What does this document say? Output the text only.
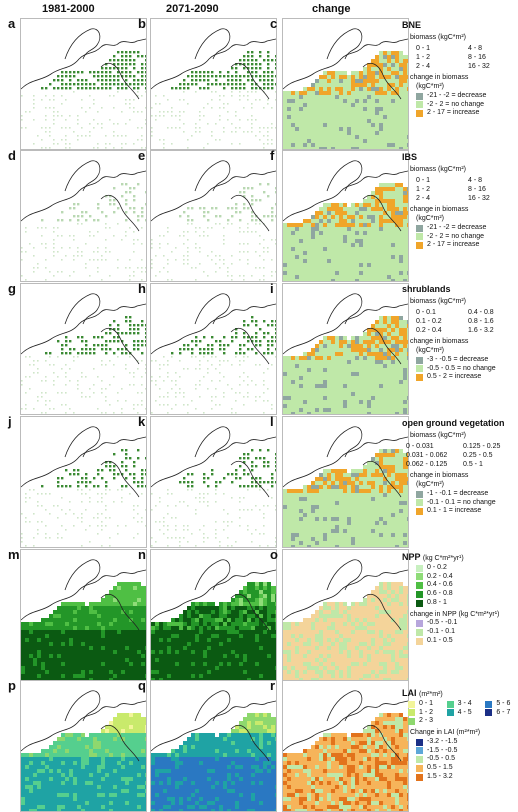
1981-2000	2071-2090	change
a	b	c
d	e	f
g	h	i
j	k	l
m	n	o
p	q	r
BNE
biomass (kgC*m²)
0 - 1	4 - 8
1 - 2	8 - 16
2 - 4	16 - 32
change in biomass
(kgC*m²)
-21 - -2 = decrease
-2 - 2 = no change
2 - 17 = increase
IBS
biomass (kgC*m²)
0 - 1	4 - 8
1 - 2	8 - 16
2 - 4	16 - 32
change in biomass
(kgC*m²)
-21 - -2 = decrease
-2 - 2 = no change
2 - 17 = increase
shrublands
biomass (kgC*m²)
0 - 0.1	0.4 - 0.8
0.1 - 0.2	0.8 - 1.6
0.2 - 0.4	1.6 - 3.2
change in biomass
(kgC*m²)
-3 - -0.5 = decrease
-0.5 - 0.5 = no change
0.5 - 2 = increase
open ground vegetation
biomass (kgC*m²)
0 - 0.031	0.125 - 0.25
0.031 - 0.062	0.25 - 0.5
0.062 - 0.125	0.5 - 1
change in biomass
(kgC*m²)
-1 - -0.1 = decrease
-0.1 - 0.1 = no change
0.1 - 1 = increase
NPP (kg C*m²*yr¹)
0 - 0.2
0.2 - 0.4
0.4 - 0.6
0.6 - 0.8
0.8 - 1
change in NPP (kg C*m²*yr¹)
-0.5 - -0.1
-0.1 - 0.1
0.1 - 0.5
LAI (m²*m²)
0 - 1	3 - 4	5 - 6
1 - 2	4 - 5	6 - 7
2 - 3
Change in LAI (m²*m²)
-3.2 - -1.5
-1.5 - -0.5
-0.5 - 0.5
0.5 - 1.5
1.5 - 3.2
